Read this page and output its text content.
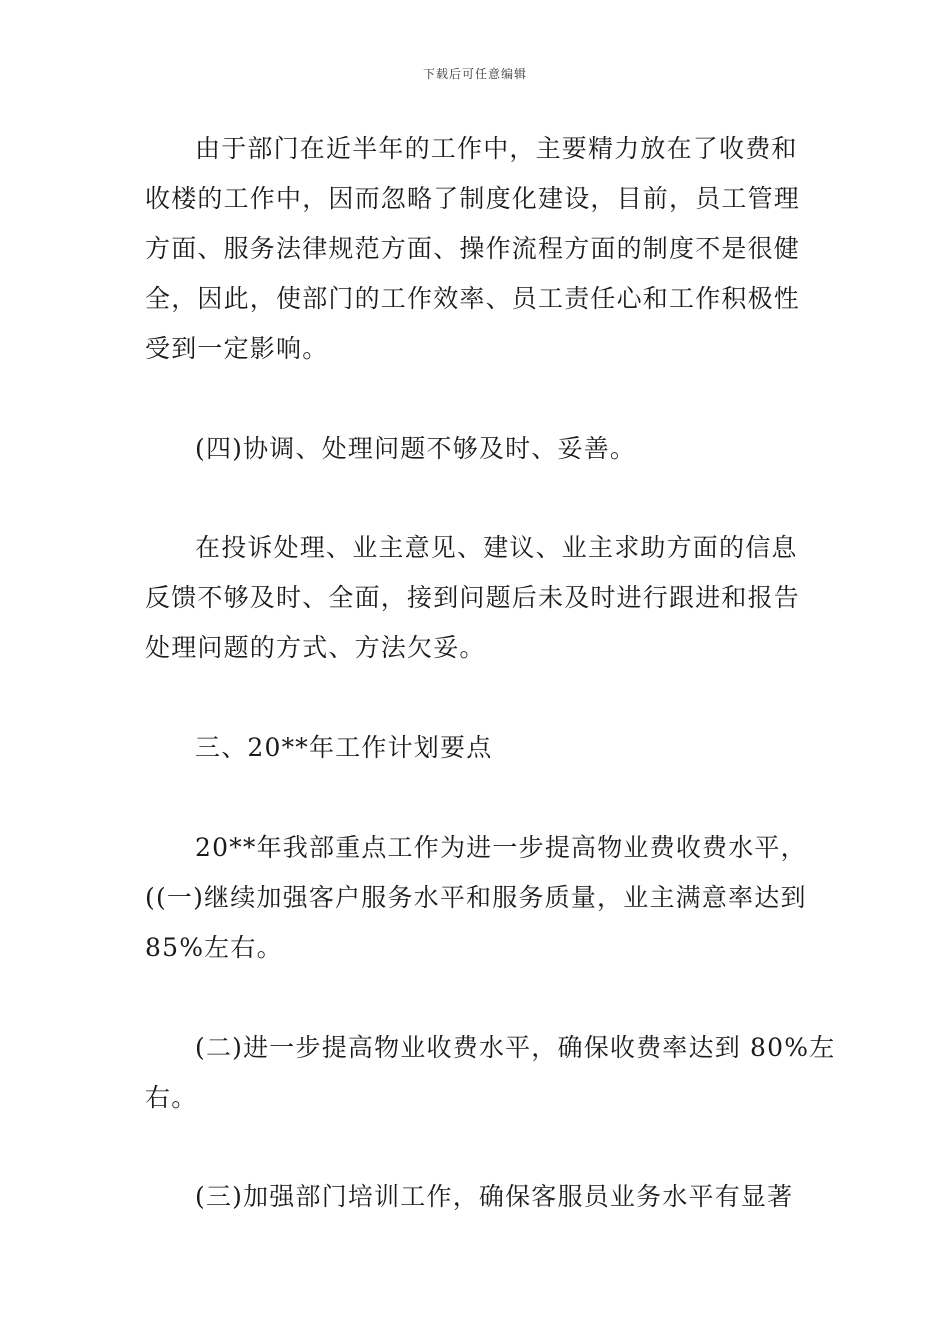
下载后可任意编辑

由于部门在近半年的工作中，主要精力放在了收费和
收楼的工作中，因而忽略了制度化建设，目前，员工管理

方面、服务法律规范方面、操作流程方面的制度不是很健
全，因此，使部门的工作效率、员工责任心和工作积极性
受到一定影响。

(四)协调、处理问题不够及时、妥善。

在投诉处理、业主意见、建议、业主求助方面的信息

反馈不够及时、全面，接到问题后未及时进行跟进和报告
处理问题的方式、方法欠妥。

三、20**年工作计划要点

20**年我部重点工作为进一步提高物业费收费水平，

((一)继续加强客户服务水平和服务质量，业主满意率达到
85%左右。

(二)进一步提高物业收费水平，确保收费率达到 80%左

右。

(三)加强部门培训工作，确保客服员业务水平有显著
